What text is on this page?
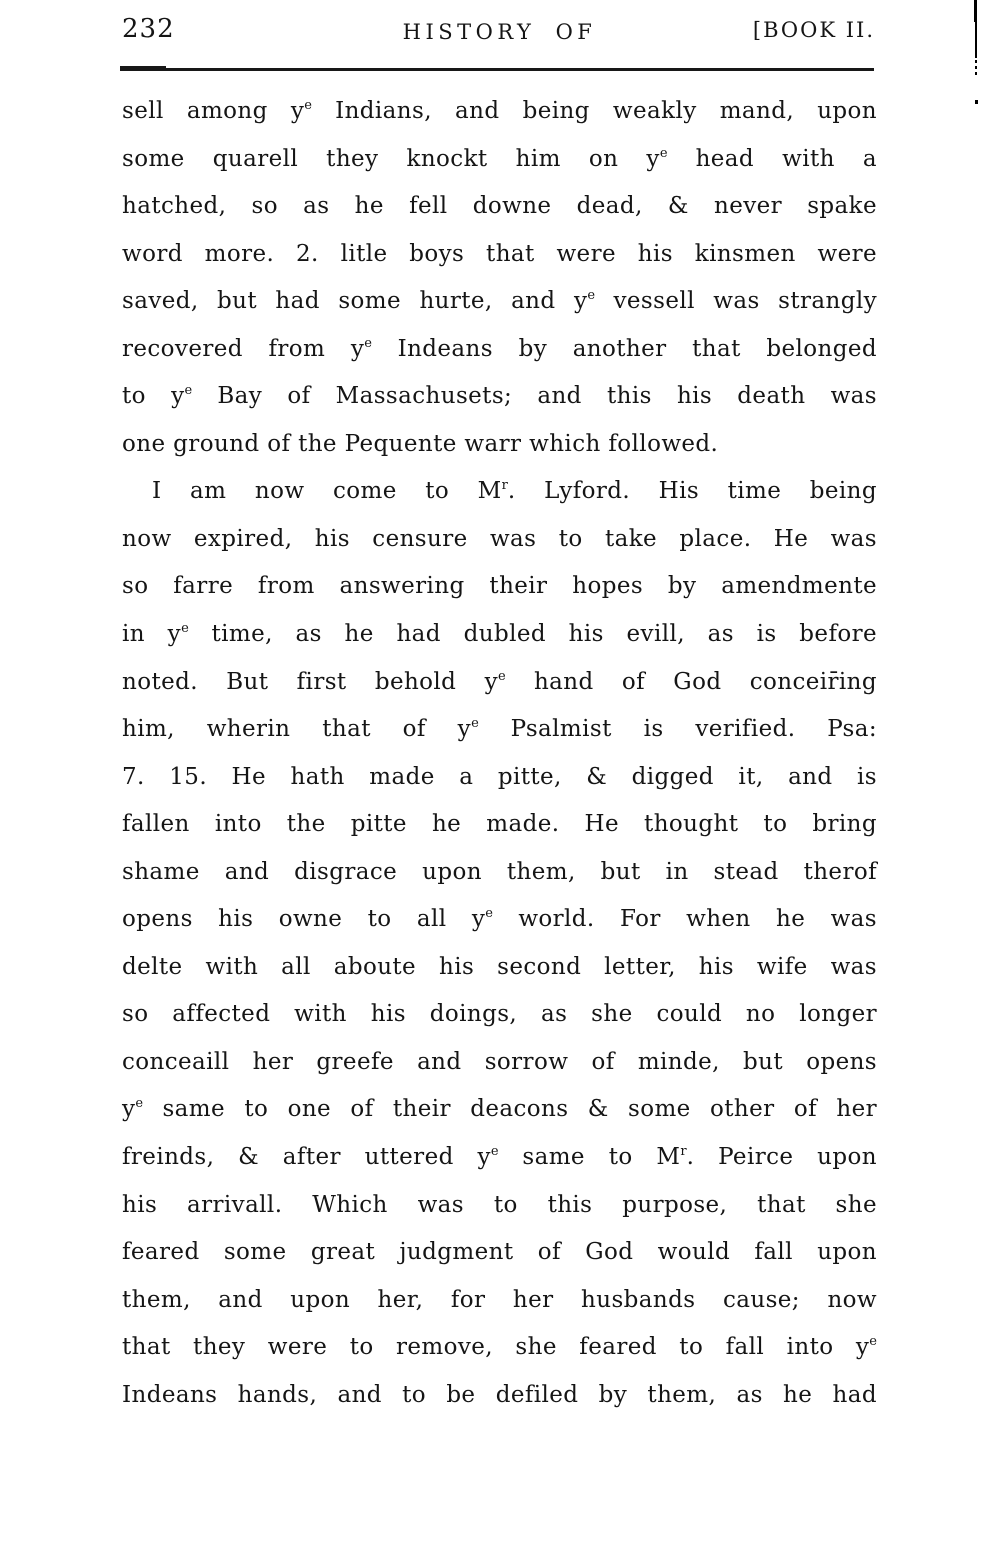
232	HISTORY OF	[BOOK II.
sell among $y^e$ Indians, and being weakly mand, upon
some quarell they knockt him on $y^e$ head with a
hatched, so as he fell downe dead, & never spake
word more. 2. litle boys that were his kinsmen were
saved, but had some hurte, and $y^e$ vessell was strangly
recovered from $y^e$ Indeans by another that belonged
to $y^e$ Bay of Massachusets; and this his death was
one ground of the Pequente warr which followed.
I am now come to $M^r$. Lyford. His time being
now expired, his censure was to take place. He was
so farre from answering their hopes by amendmente
in $y^e$ time, as he had dubled his evill, as is before
noted. But first behold $y^e$ hand of God conceir̄ing
him, wherin that of $y^e$ Psalmist is verified. Psa:
7. 15. He hath made a pitte, & digged it, and is
fallen into the pitte he made. He thought to bring
shame and disgrace upon them, but in stead therof
opens his owne to all $y^e$ world. For when he was
delte with all aboute his second letter, his wife was
so affected with his doings, as she could no longer
conceaill her greefe and sorrow of minde, but opens
$y^e$ same to one of their deacons & some other of her
freinds, & after uttered $y^e$ same to $M^r$. Peirce upon
his arrivall. Which was to this purpose, that she
feared some great judgment of God would fall upon
them, and upon her, for her husbands cause; now
that they were to remove, she feared to fall into $y^e$
Indeans hands, and to be defiled by them, as he had
